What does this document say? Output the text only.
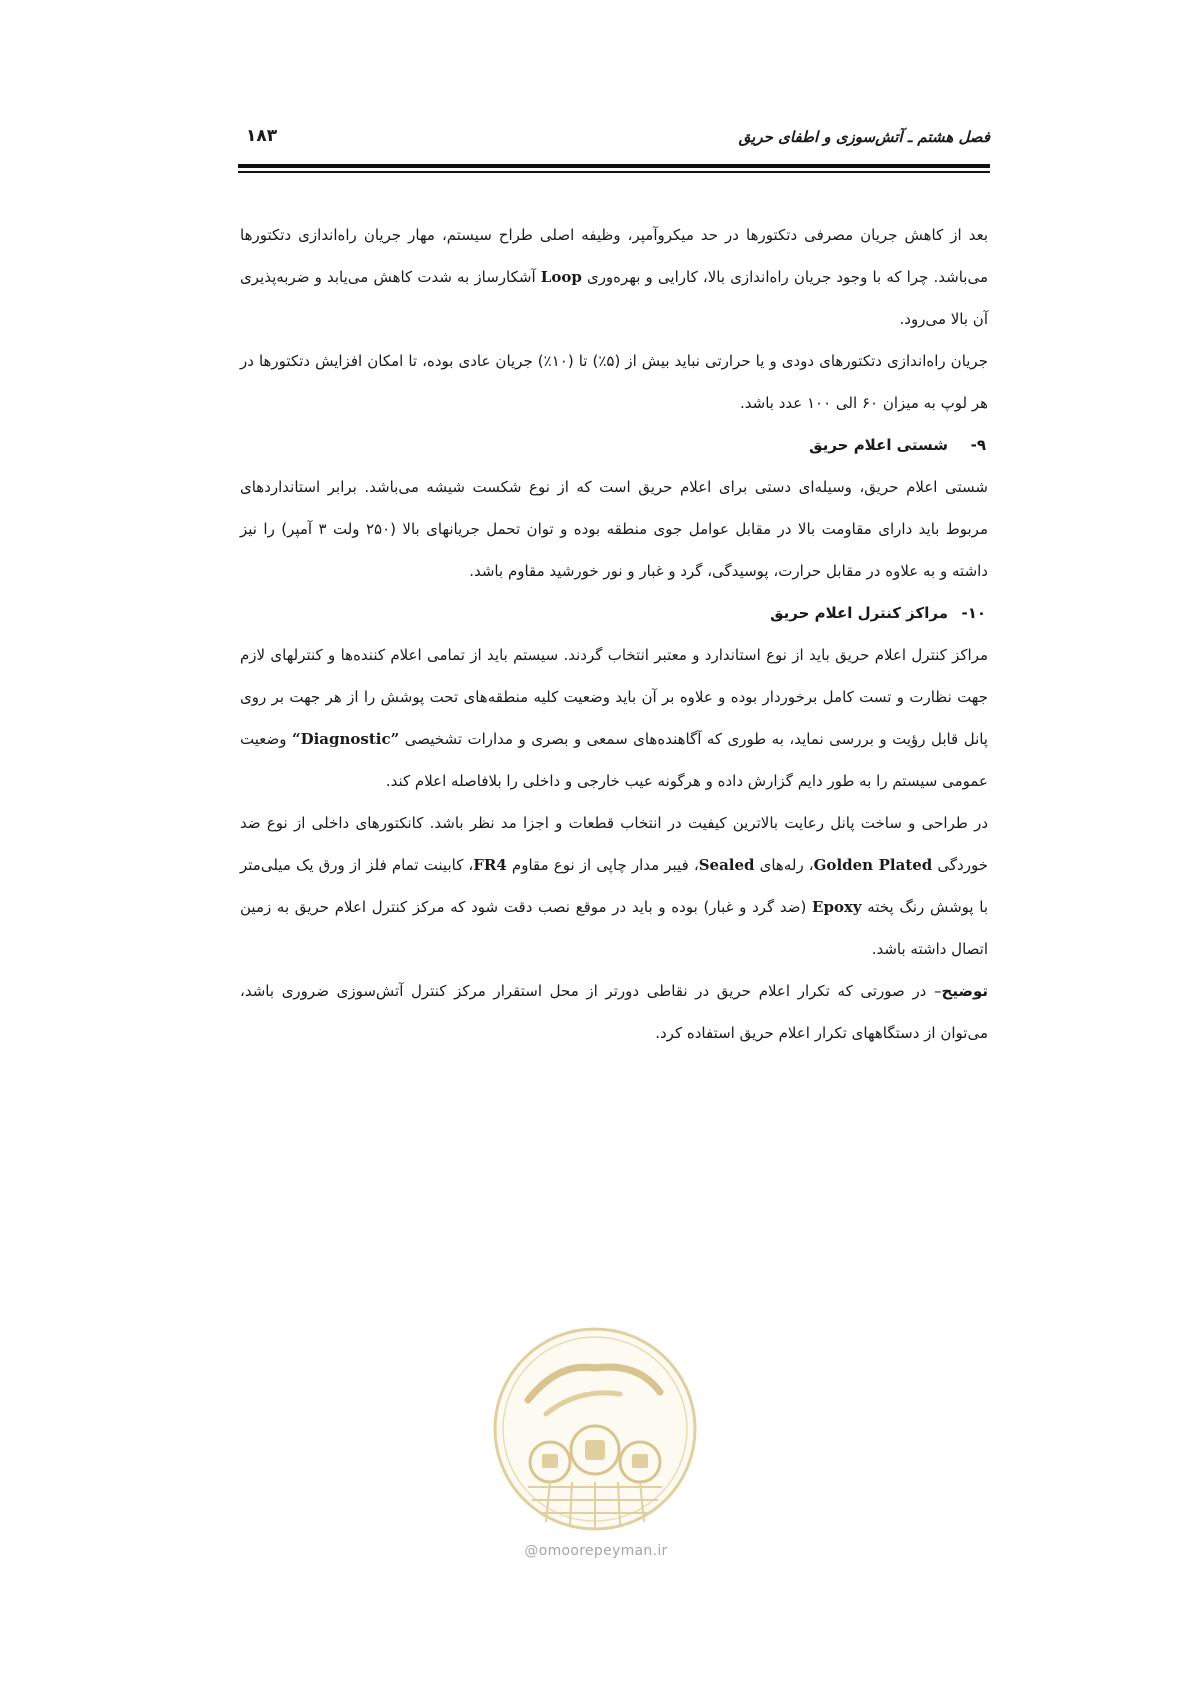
فصل هشتم ـ آتش‌سوزی و اطفای حریق
۱۸۳

بعد از کاهش جریان مصرفی دتکتورها در حد میکروآمپر، وظیفه اصلی طراح سیستم، مهار جریان راه‌اندازی دتکتورها می‌باشد. چرا که با وجود جریان راه‌اندازی بالا، کارایی و بهره‌وری Loop آشکارساز به شدت کاهش می‌یابد و ضربه‌پذیری آن بالا می‌رود.

جریان راه‌اندازی دتکتورهای دودی و یا حرارتی نباید بیش از (۵٪) تا (۱۰٪) جریان عادی بوده، تا امکان افزایش دتکتورها در هر لوپ به میزان ۶۰ الی ۱۰۰ عدد باشد.

۹-شستی اعلام حریق

شستی اعلام حریق، وسیله‌ای دستی برای اعلام حریق است که از نوع شکست شیشه می‌باشد. برابر استانداردهای مربوط باید دارای مقاومت بالا در مقابل عوامل جوی منطقه بوده و توان تحمل جریانهای بالا (۲۵۰ ولت ۳ آمپر) را نیز داشته و به علاوه در مقابل حرارت، پوسیدگی، گرد و غبار و نور خورشید مقاوم باشد.

۱۰-مراکز کنترل اعلام حریق

مراکز کنترل اعلام حریق باید از نوع استاندارد و معتبر انتخاب گردند. سیستم باید از تمامی اعلام کننده‌ها و کنترلهای لازم جهت نظارت و تست کامل برخوردار بوده و علاوه بر آن باید وضعیت کلیه منطقه‌های تحت پوشش را از هر جهت بر روی پانل قابل رؤیت و بررسی نماید، به طوری که آگاهنده‌های سمعی و بصری و مدارات تشخیصی “Diagnostic” وضعیت عمومی سیستم را به طور دایم گزارش داده و هرگونه عیب خارجی و داخلی را بلافاصله اعلام کند.

در طراحی و ساخت پانل رعایت بالاترین کیفیت در انتخاب قطعات و اجزا مد نظر باشد. کانکتورهای داخلی از نوع ضد خوردگی Golden Plated، رله‌های Sealed، فیبر مدار چاپی از نوع مقاوم FR4، کابینت تمام فلز از ورق یک میلی‌متر با پوشش رنگ پخته Epoxy (ضد گرد و غبار) بوده و باید در موقع نصب دقت شود که مرکز کنترل اعلام حریق به زمین اتصال داشته باشد.

توضیح– در صورتی که تکرار اعلام حریق در نقاطی دورتر از محل استقرار مرکز کنترل آتش‌سوزی ضروری باشد، می‌توان از دستگاههای تکرار اعلام حریق استفاده کرد.

@omoorepeyman.ir
